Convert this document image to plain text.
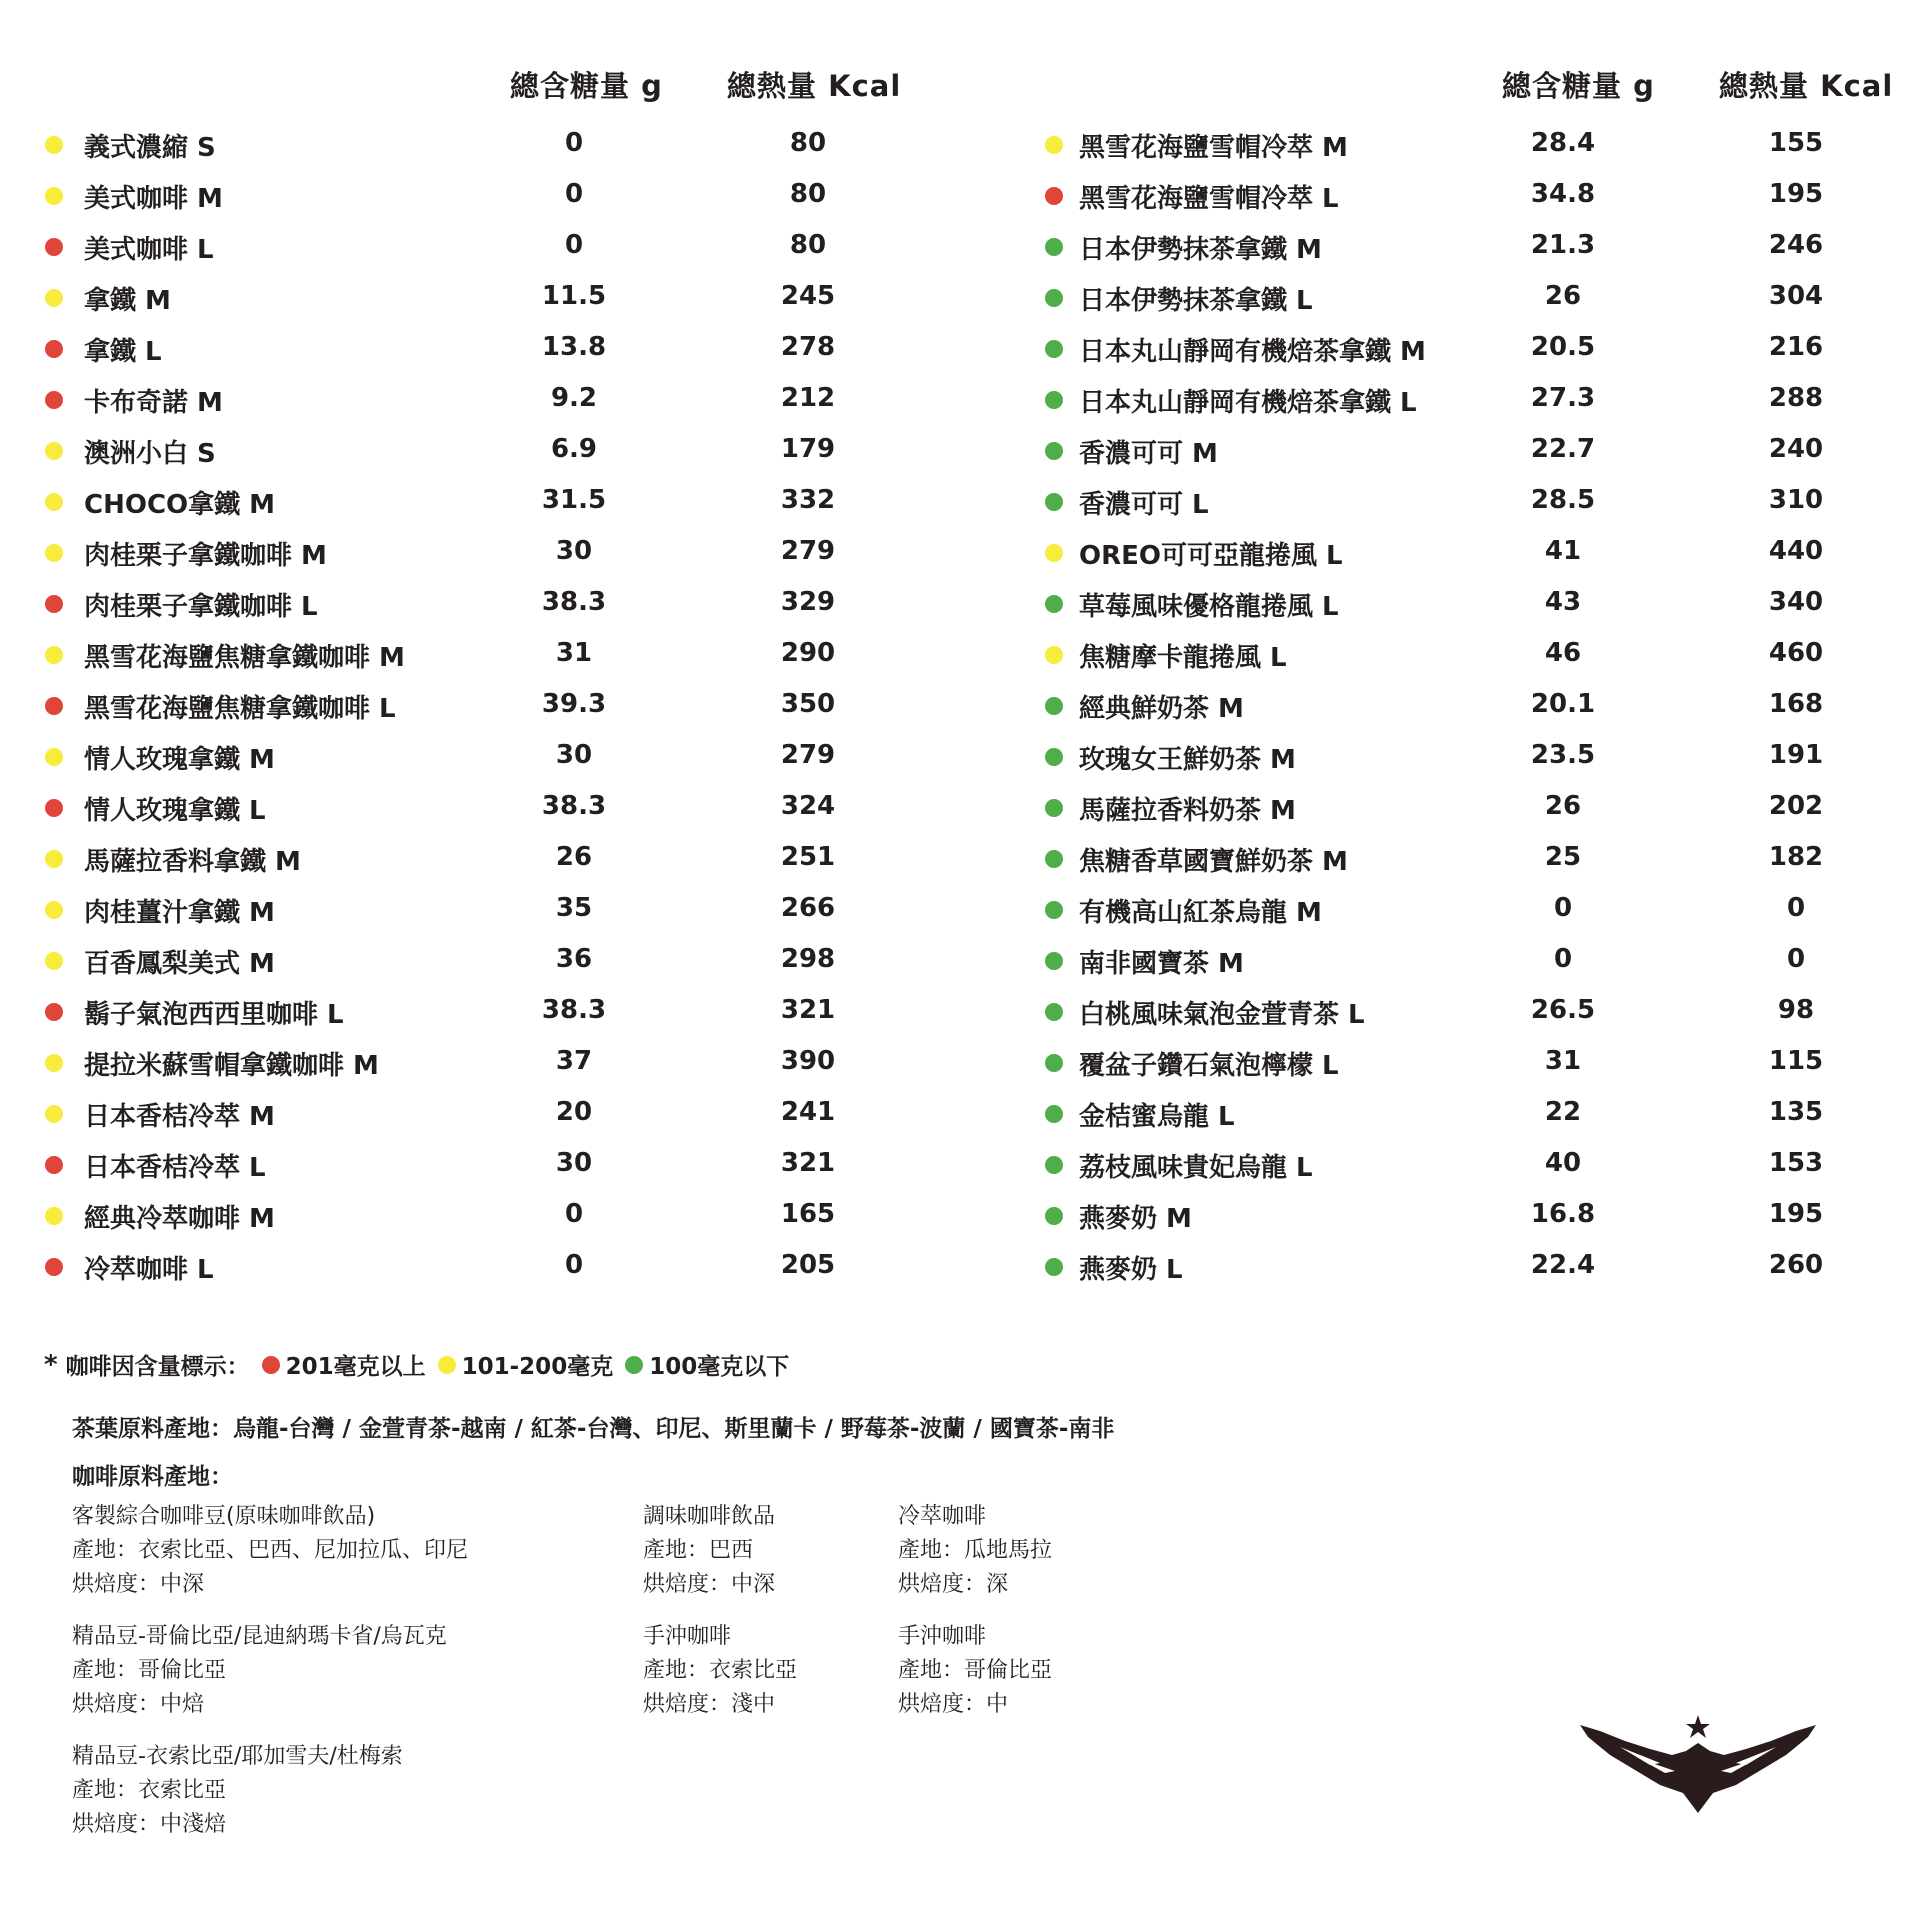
總含糖量 g 總熱量 Kcal
義式濃縮 S	0	80
美式咖啡 M	0	80
美式咖啡 L	0	80
拿鐵 M	11.5	245
拿鐵 L	13.8	278
卡布奇諾 M	9.2	212
澳洲小白 S	6.9	179
CHOCO拿鐵 M	31.5	332
肉桂栗子拿鐵咖啡 M	30	279
肉桂栗子拿鐵咖啡 L	38.3	329
黑雪花海鹽焦糖拿鐵咖啡 M	31	290
黑雪花海鹽焦糖拿鐵咖啡 L	39.3	350
情人玫瑰拿鐵 M	30	279
情人玫瑰拿鐵 L	38.3	324
馬薩拉香料拿鐵 M	26	251
肉桂薑汁拿鐵 M	35	266
百香鳳梨美式 M	36	298
鬍子氣泡西西里咖啡 L	38.3	321
提拉米蘇雪帽拿鐵咖啡 M	37	390
日本香桔冷萃 M	20	241
日本香桔冷萃 L	30	321
經典冷萃咖啡 M	0	165
冷萃咖啡 L	0	205
總含糖量 g 總熱量 Kcal
黑雪花海鹽雪帽冷萃 M	28.4	155
黑雪花海鹽雪帽冷萃 L	34.8	195
日本伊勢抹茶拿鐵 M	21.3	246
日本伊勢抹茶拿鐵 L	26	304
日本丸山靜岡有機焙茶拿鐵 M	20.5	216
日本丸山靜岡有機焙茶拿鐵 L	27.3	288
香濃可可 M	22.7	240
香濃可可 L	28.5	310
OREO可可亞龍捲風 L	41	440
草莓風味優格龍捲風 L	43	340
焦糖摩卡龍捲風 L	46	460
經典鮮奶茶 M	20.1	168
玫瑰女王鮮奶茶 M	23.5	191
馬薩拉香料奶茶 M	26	202
焦糖香草國寶鮮奶茶 M	25	182
有機高山紅茶烏龍 M	0	0
南非國寶茶 M	0	0
白桃風味氣泡金萱青茶 L	26.5	98
覆盆子鑽石氣泡檸檬 L	31	115
金桔蜜烏龍 L	22	135
荔枝風味貴妃烏龍 L	40	153
燕麥奶 M	16.8	195
燕麥奶 L	22.4	260
* 咖啡因含量標示： 201毫克以上 101-200毫克 100毫克以下
茶葉原料產地：烏龍-台灣 / 金萱青茶-越南 / 紅茶-台灣、印尼、斯里蘭卡 / 野莓茶-波蘭 / 國寶茶-南非
咖啡原料產地：
客製綜合咖啡豆(原味咖啡飲品)
產地：衣索比亞、巴西、尼加拉瓜、印尼
烘焙度：中深
調味咖啡飲品
產地：巴西
烘焙度：中深
冷萃咖啡
產地：瓜地馬拉
烘焙度：深
精品豆-哥倫比亞/昆迪納瑪卡省/烏瓦克
產地：哥倫比亞
烘焙度：中焙
手沖咖啡
產地：衣索比亞
烘焙度：淺中
手沖咖啡
產地：哥倫比亞
烘焙度：中
精品豆-衣索比亞/耶加雪夫/杜梅索
產地：衣索比亞
烘焙度：中淺焙
